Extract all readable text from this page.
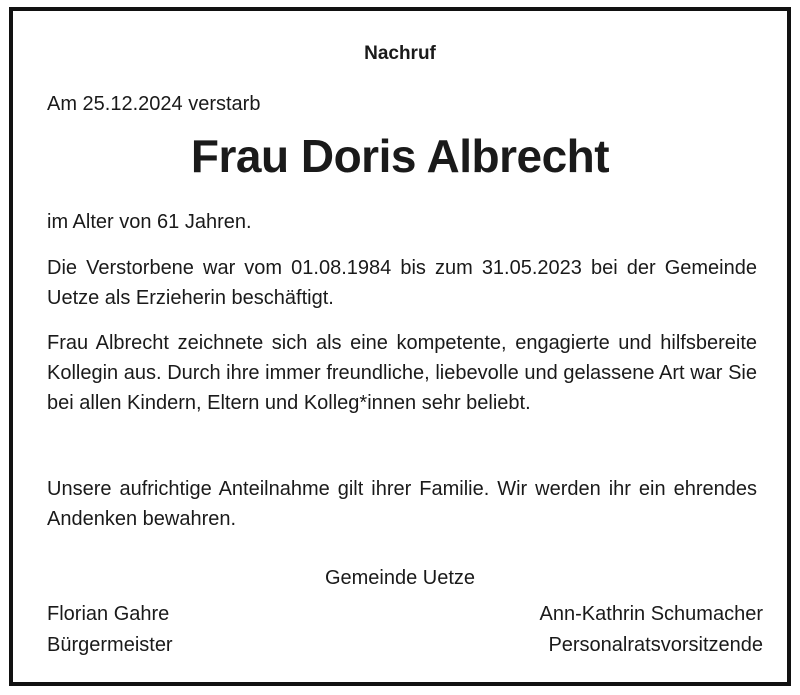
Nachruf
Am 25.12.2024 verstarb
Frau Doris Albrecht
im Alter von 61 Jahren.
Die Verstorbene war vom 01.08.1984 bis zum 31.05.2023 bei der Gemeinde Uetze als Erzieherin beschäftigt.
Frau Albrecht zeichnete sich als eine kompetente, engagierte und hilfsbereite Kollegin aus. Durch ihre immer freundliche, liebevolle und gelassene Art war Sie bei allen Kindern, Eltern und Kolleg*innen sehr beliebt.
Unsere aufrichtige Anteilnahme gilt ihrer Familie. Wir werden ihr ein ehrendes Andenken bewahren.
Gemeinde Uetze
Florian Gahre
Bürgermeister
Ann-Kathrin Schumacher
Personalratsvorsitzende
